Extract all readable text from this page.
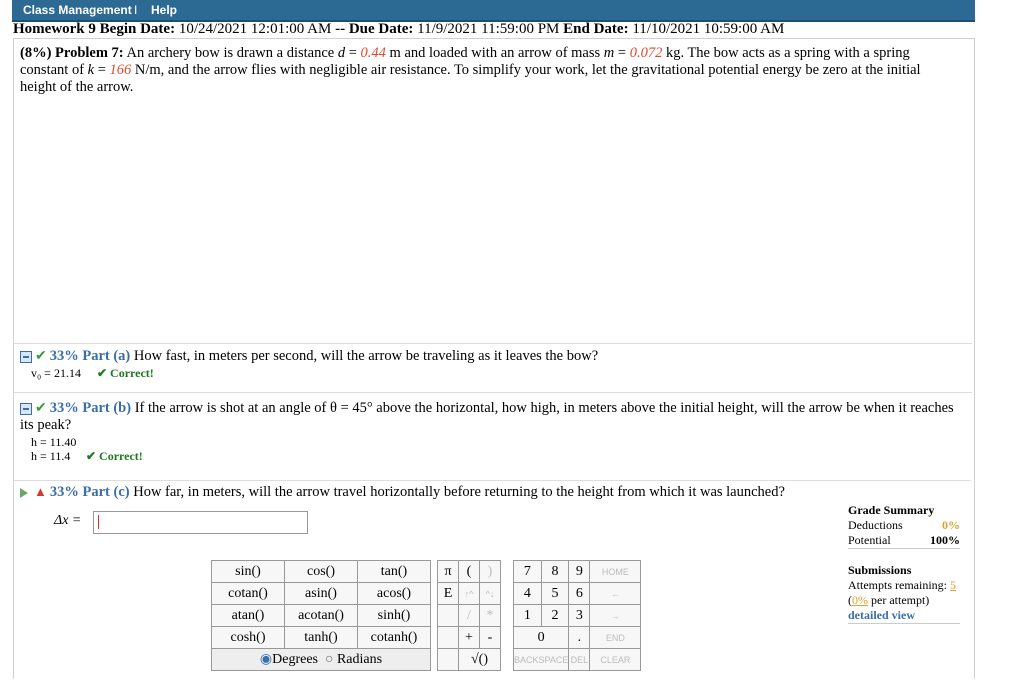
Class Management I Help
Homework 9 Begin Date: 10/24/2021 12:01:00 AM -- Due Date: 11/9/2021 11:59:00 PM End Date: 11/10/2021 10:59:00 AM
(8%) Problem 7: An archery bow is drawn a distance d = 0.44 m and loaded with an arrow of mass m = 0.072 kg. The bow acts as a spring with a spring constant of k = 166 N/m, and the arrow flies with negligible air resistance. To simplify your work, let the gravitational potential energy be zero at the initial height of the arrow.
✔ 33% Part (a) How fast, in meters per second, will the arrow be traveling as it leaves the bow?
v₀ = 21.14 ✔ Correct!
✔ 33% Part (b) If the arrow is shot at an angle of θ = 45° above the horizontal, how high, in meters above the initial height, will the arrow be when it reaches its peak?
h = 11.40
h = 11.4 ✔ Correct!
▲ 33% Part (c) How far, in meters, will the arrow travel horizontally before returning to the height from which it was launched?
Δx =
sin()	cos()	tan()
cotan()	asin()	acos()
atan()	acotan()	sinh()
cosh()	tanh()	cotanh()
◉Degrees ○ Radians		
π	(	)
E	↑^	^↓
	/	*
	+	-
	√()	
7	8	9	HOME
4	5	6	←
1	2	3	→
0		.	END
BACKSPACE		DEL	CLEAR
Grade Summary
Deductions	0%
Potential	100%
Submissions
Attempts remaining: 5
(0% per attempt)
detailed view
